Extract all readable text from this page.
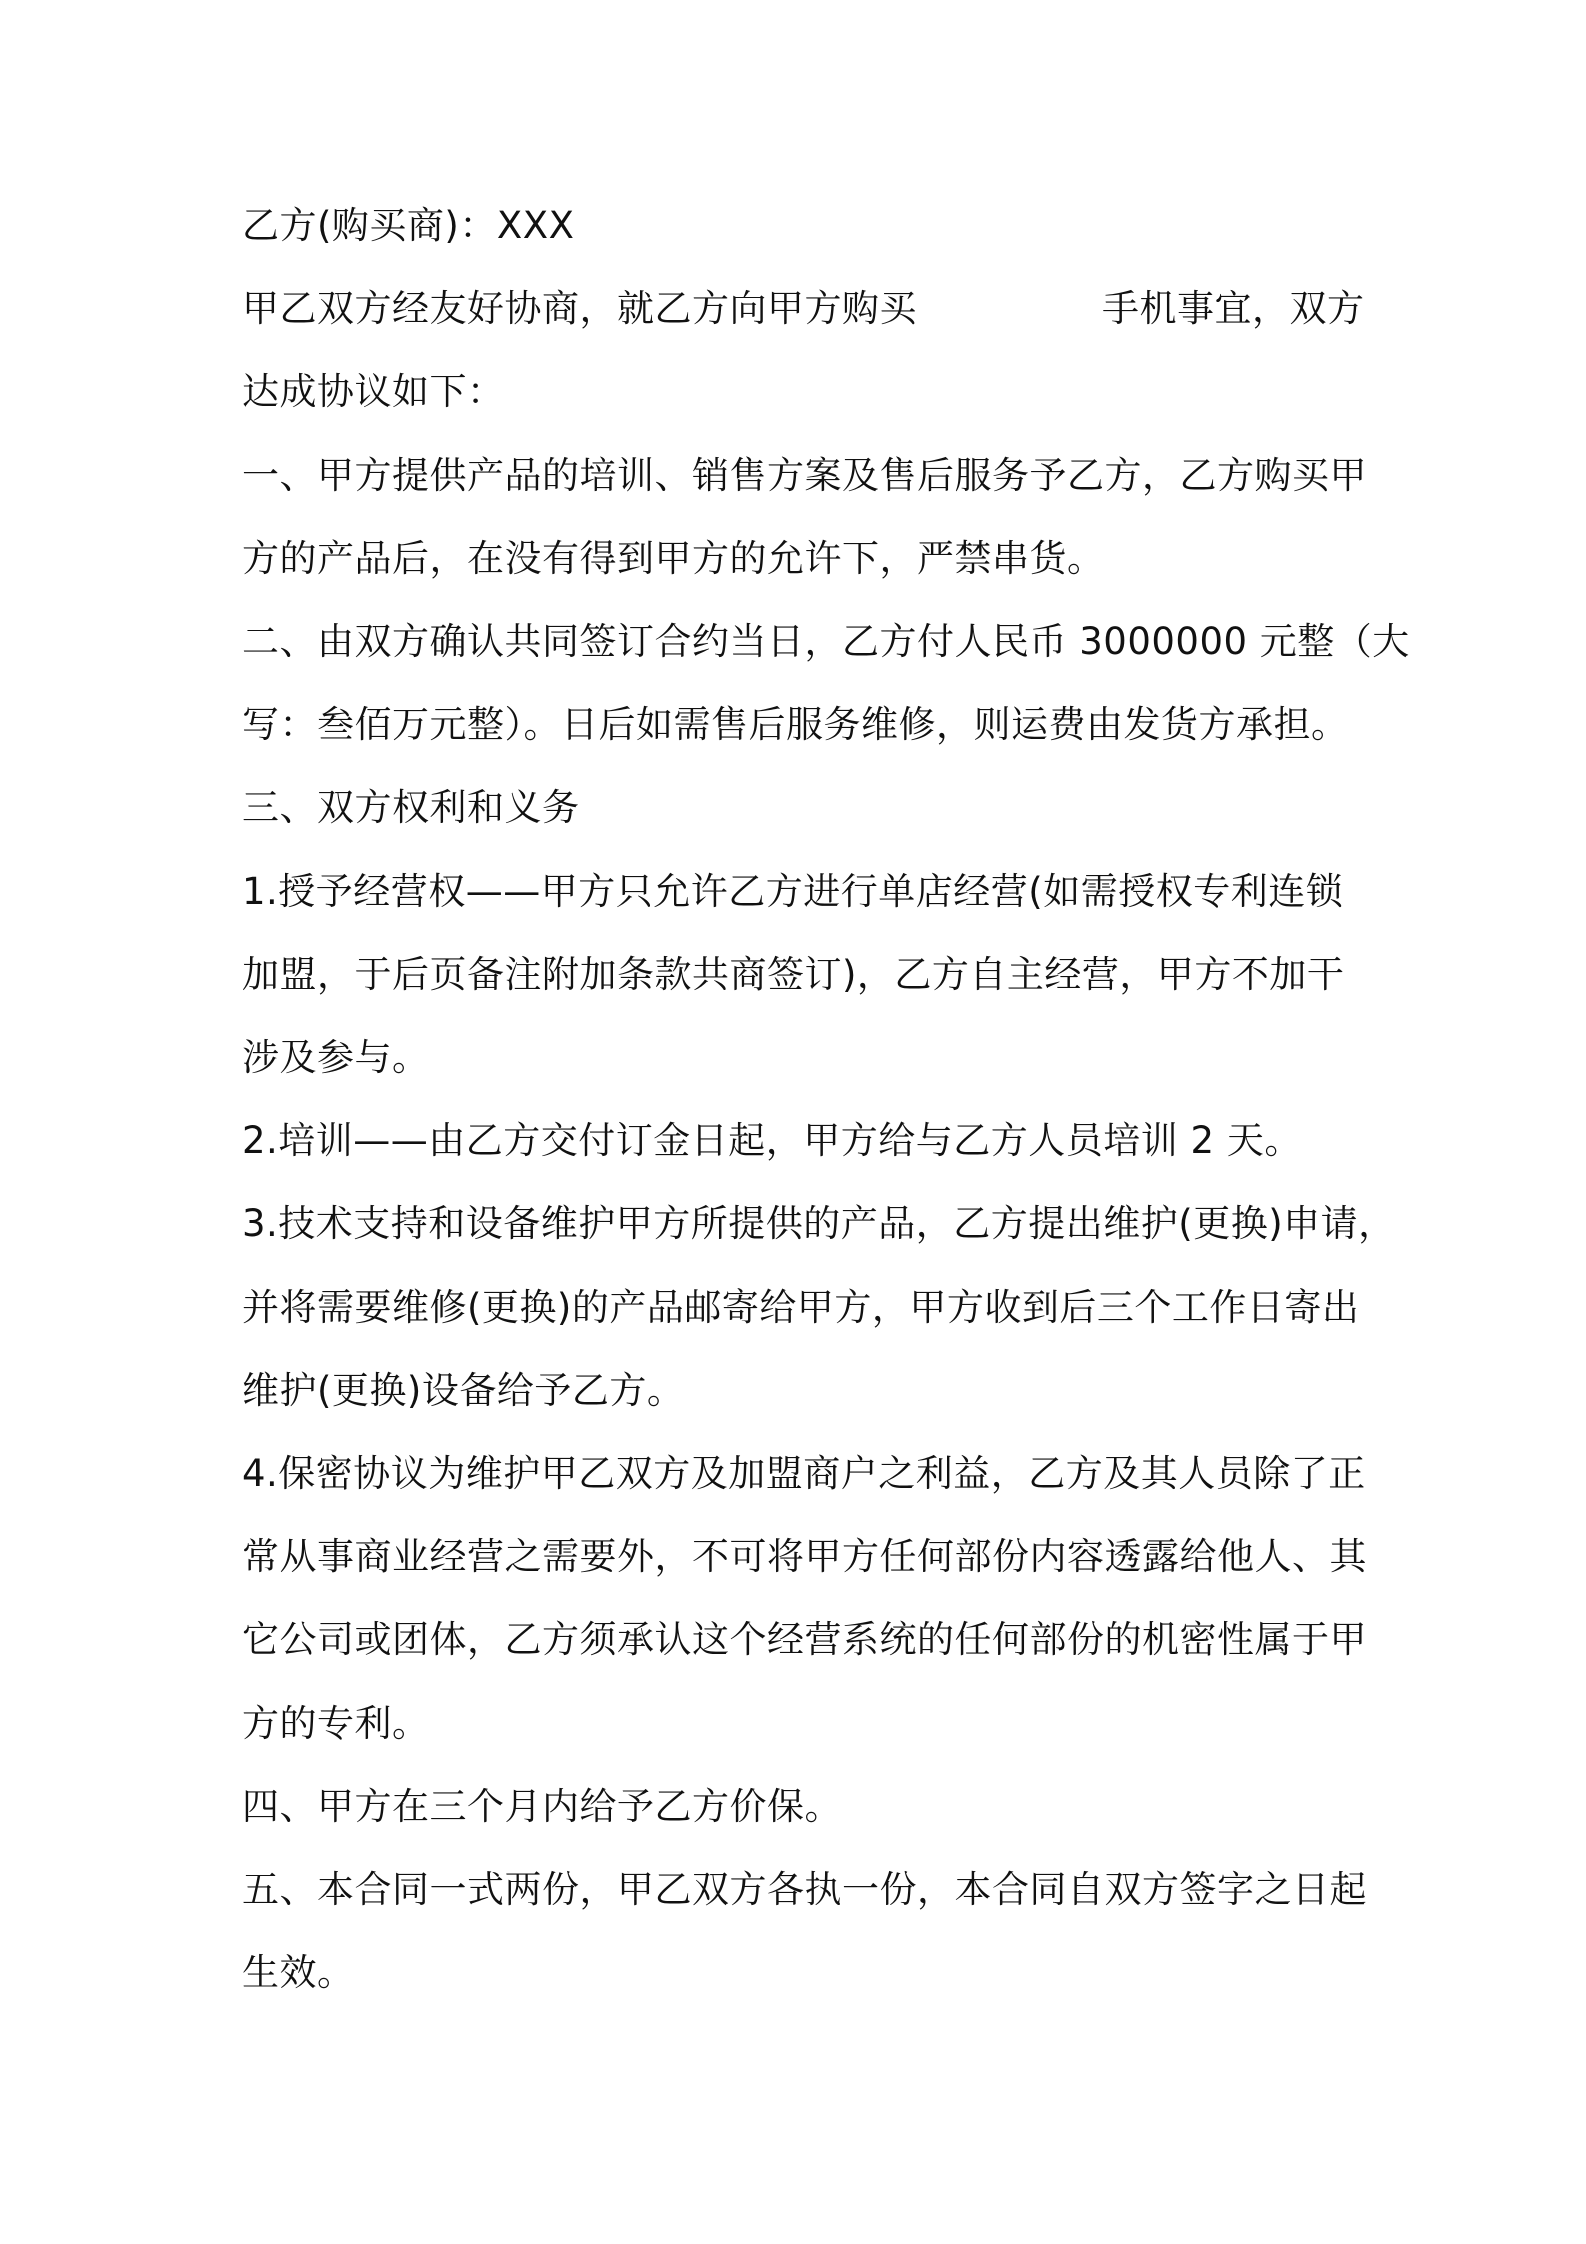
乙方(购买商)：XXX
甲乙双方经友好协商，就乙方向甲方购买	手机事宜，双方
达成协议如下：
一、甲方提供产品的培训、销售方案及售后服务予乙方，乙方购买甲
方的产品后，在没有得到甲方的允许下，严禁串货。
二、由双方确认共同签订合约当日，乙方付人民币 3000000 元整（大
写：叁佰万元整）。日后如需售后服务维修，则运费由发货方承担。
三、双方权利和义务
1.授予经营权——甲方只允许乙方进行单店经营(如需授权专利连锁
加盟，于后页备注附加条款共商签订)，乙方自主经营，甲方不加干
涉及参与。
2.培训——由乙方交付订金日起，甲方给与乙方人员培训 2 天。
3.技术支持和设备维护甲方所提供的产品，乙方提出维护(更换)申请，
并将需要维修(更换)的产品邮寄给甲方，甲方收到后三个工作日寄出
维护(更换)设备给予乙方。
4.保密协议为维护甲乙双方及加盟商户之利益，乙方及其人员除了正
常从事商业经营之需要外，不可将甲方任何部份内容透露给他人、其
它公司或团体，乙方须承认这个经营系统的任何部份的机密性属于甲
方的专利。
四、甲方在三个月内给予乙方价保。
五、本合同一式两份，甲乙双方各执一份，本合同自双方签字之日起
生效。
